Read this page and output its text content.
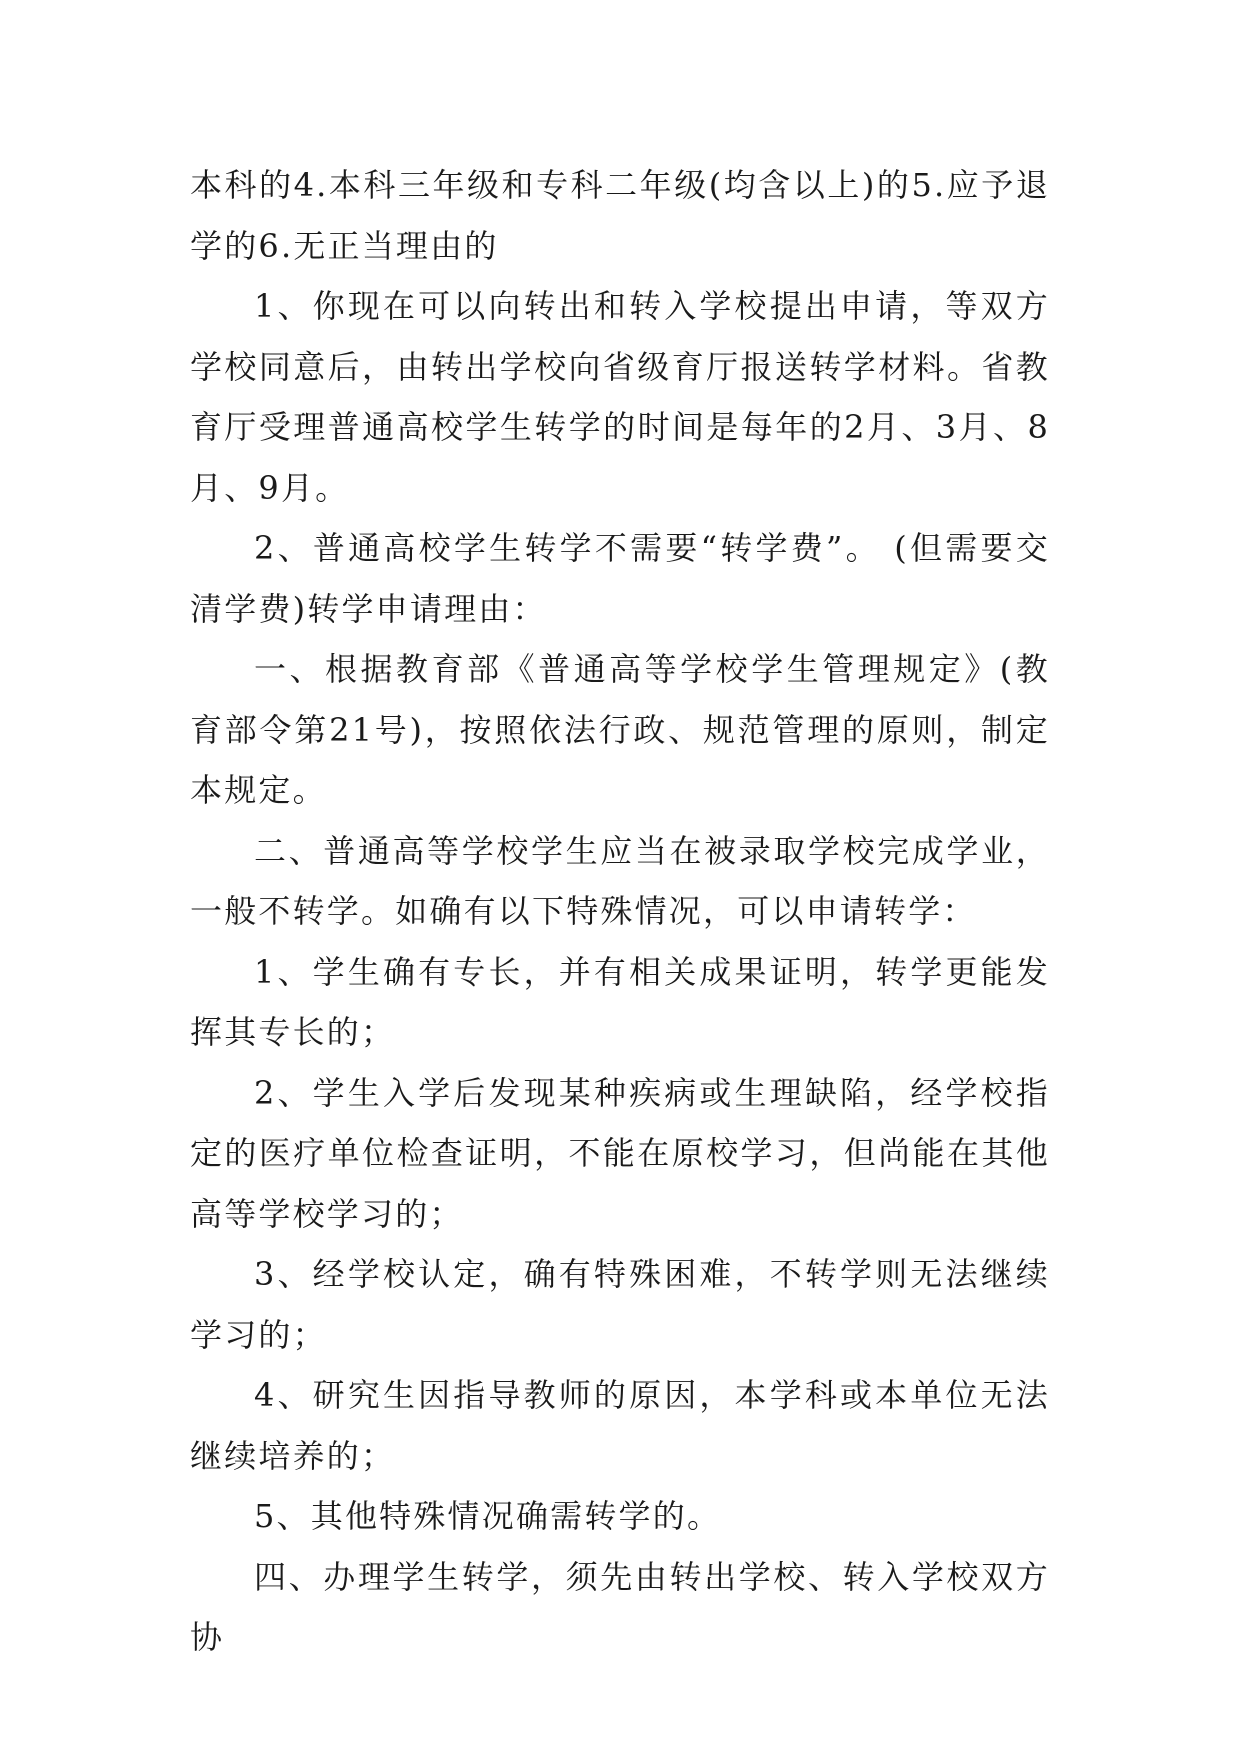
本科的4.本科三年级和专科二年级(均含以上)的5.应予退学的6.无正当理由的

1、你现在可以向转出和转入学校提出申请，等双方学校同意后，由转出学校向省级育厅报送转学材料。省教育厅受理普通高校学生转学的时间是每年的2月、3月、8月、9月。

2、普通高校学生转学不需要“转学费”。 (但需要交清学费)转学申请理由：

一、根据教育部《普通高等学校学生管理规定》(教育部令第21号)，按照依法行政、规范管理的原则，制定本规定。

二、普通高等学校学生应当在被录取学校完成学业，一般不转学。如确有以下特殊情况，可以申请转学：

1、学生确有专长，并有相关成果证明，转学更能发挥其专长的；

2、学生入学后发现某种疾病或生理缺陷，经学校指定的医疗单位检查证明，不能在原校学习，但尚能在其他高等学校学习的；

3、经学校认定，确有特殊困难，不转学则无法继续学习的；

4、研究生因指导教师的原因，本学科或本单位无法继续培养的；

5、其他特殊情况确需转学的。

四、办理学生转学，须先由转出学校、转入学校双方协
